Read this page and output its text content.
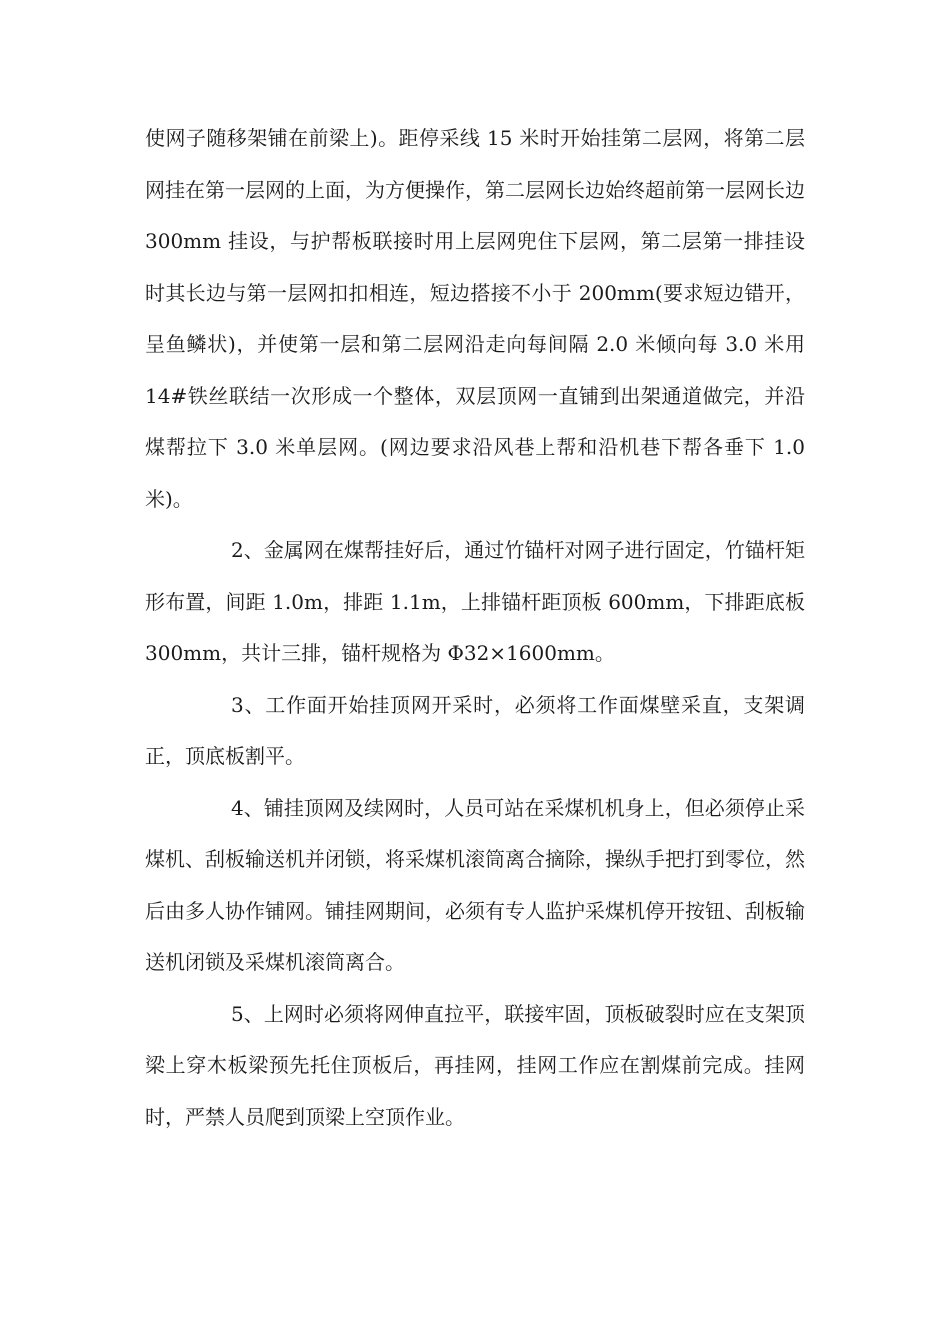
使网子随移架铺在前梁上)。距停采线 15 米时开始挂第二层网，将第二层网挂在第一层网的上面，为方便操作，第二层网长边始终超前第一层网长边 300mm 挂设，与护帮板联接时用上层网兜住下层网，第二层第一排挂设时其长边与第一层网扣扣相连，短边搭接不小于 200mm(要求短边错开，呈鱼鳞状)，并使第一层和第二层网沿走向每间隔 2.0 米倾向每 3.0 米用 14#铁丝联结一次形成一个整体，双层顶网一直铺到出架通道做完，并沿煤帮拉下 3.0 米单层网。(网边要求沿风巷上帮和沿机巷下帮各垂下 1.0 米)。

2、金属网在煤帮挂好后，通过竹锚杆对网子进行固定，竹锚杆矩形布置，间距 1.0m，排距 1.1m，上排锚杆距顶板 600mm，下排距底板 300mm，共计三排，锚杆规格为 Φ32×1600mm。

3、工作面开始挂顶网开采时，必须将工作面煤壁采直，支架调正，顶底板割平。

4、铺挂顶网及续网时，人员可站在采煤机机身上，但必须停止采煤机、刮板输送机并闭锁，将采煤机滚筒离合摘除，操纵手把打到零位，然后由多人协作铺网。铺挂网期间，必须有专人监护采煤机停开按钮、刮板输送机闭锁及采煤机滚筒离合。

5、上网时必须将网伸直拉平，联接牢固，顶板破裂时应在支架顶梁上穿木板梁预先托住顶板后，再挂网，挂网工作应在割煤前完成。挂网时，严禁人员爬到顶梁上空顶作业。
